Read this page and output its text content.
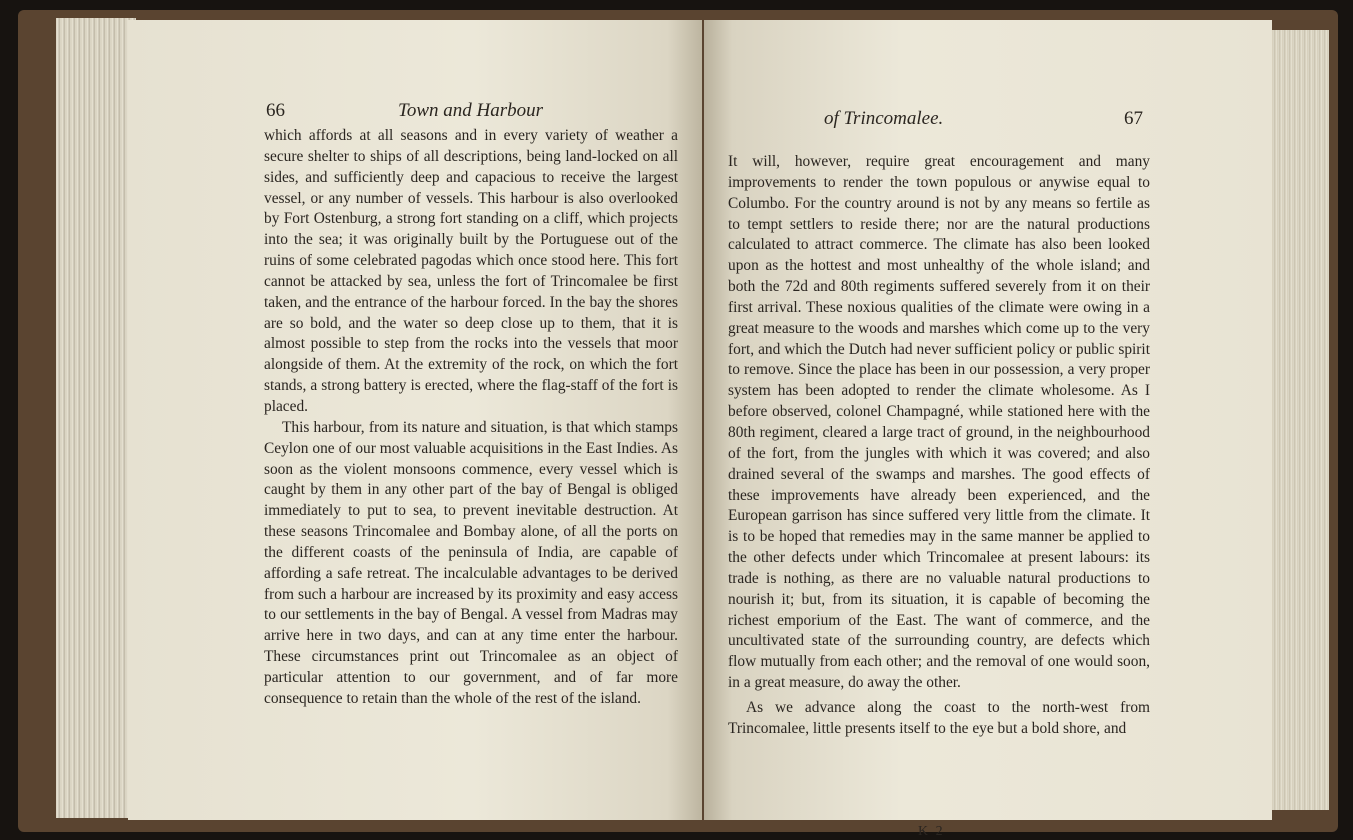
66	Town and Harbour

which affords at all seasons and in every variety of weather a secure shelter to ships of all descriptions, being land-locked on all sides, and sufficiently deep and capacious to receive the largest vessel, or any number of vessels. This harbour is also overlooked by Fort Ostenburg, a strong fort standing on a cliff, which projects into the sea; it was originally built by the Portuguese out of the ruins of some celebrated pagodas which once stood here. This fort cannot be attacked by sea, unless the fort of Trincomalee be first taken, and the entrance of the harbour forced. In the bay the shores are so bold, and the water so deep close up to them, that it is almost possible to step from the rocks into the vessels that moor alongside of them. At the extremity of the rock, on which the fort stands, a strong battery is erected, where the flag-staff of the fort is placed.

This harbour, from its nature and situation, is that which stamps Ceylon one of our most valuable acquisitions in the East Indies. As soon as the violent monsoons commence, every vessel which is caught by them in any other part of the bay of Bengal is obliged immediately to put to sea, to prevent inevitable destruction. At these seasons Trincomalee and Bombay alone, of all the ports on the different coasts of the peninsula of India, are capable of affording a safe retreat. The incalculable advantages to be derived from such a harbour are increased by its proximity and easy access to our settlements in the bay of Bengal. A vessel from Madras may arrive here in two days, and can at any time enter the harbour. These circumstances print out Trincomalee as an object of particular attention to our government, and of far more consequence to retain than the whole of the rest of the island.

of Trincomalee.	67

It will, however, require great encouragement and many improvements to render the town populous or anywise equal to Columbo. For the country around is not by any means so fertile as to tempt settlers to reside there; nor are the natural productions calculated to attract commerce. The climate has also been looked upon as the hottest and most unhealthy of the whole island; and both the 72d and 80th regiments suffered severely from it on their first arrival. These noxious qualities of the climate were owing in a great measure to the woods and marshes which come up to the very fort, and which the Dutch had never sufficient policy or public spirit to remove. Since the place has been in our possession, a very proper system has been adopted to render the climate wholesome. As I before observed, colonel Champagné, while stationed here with the 80th regiment, cleared a large tract of ground, in the neighbourhood of the fort, from the jungles with which it was covered; and also drained several of the swamps and marshes. The good effects of these improvements have already been experienced, and the European garrison has since suffered very little from the climate. It is to be hoped that remedies may in the same manner be applied to the other defects under which Trincomalee at present labours: its trade is nothing, as there are no valuable natural productions to nourish it; but, from its situation, it is capable of becoming the richest emporium of the East. The want of commerce, and the uncultivated state of the surrounding country, are defects which flow mutually from each other; and the removal of one would soon, in a great measure, do away the other.

As we advance along the coast to the north-west from Trincomalee, little presents itself to the eye but a bold shore, and

K 2
